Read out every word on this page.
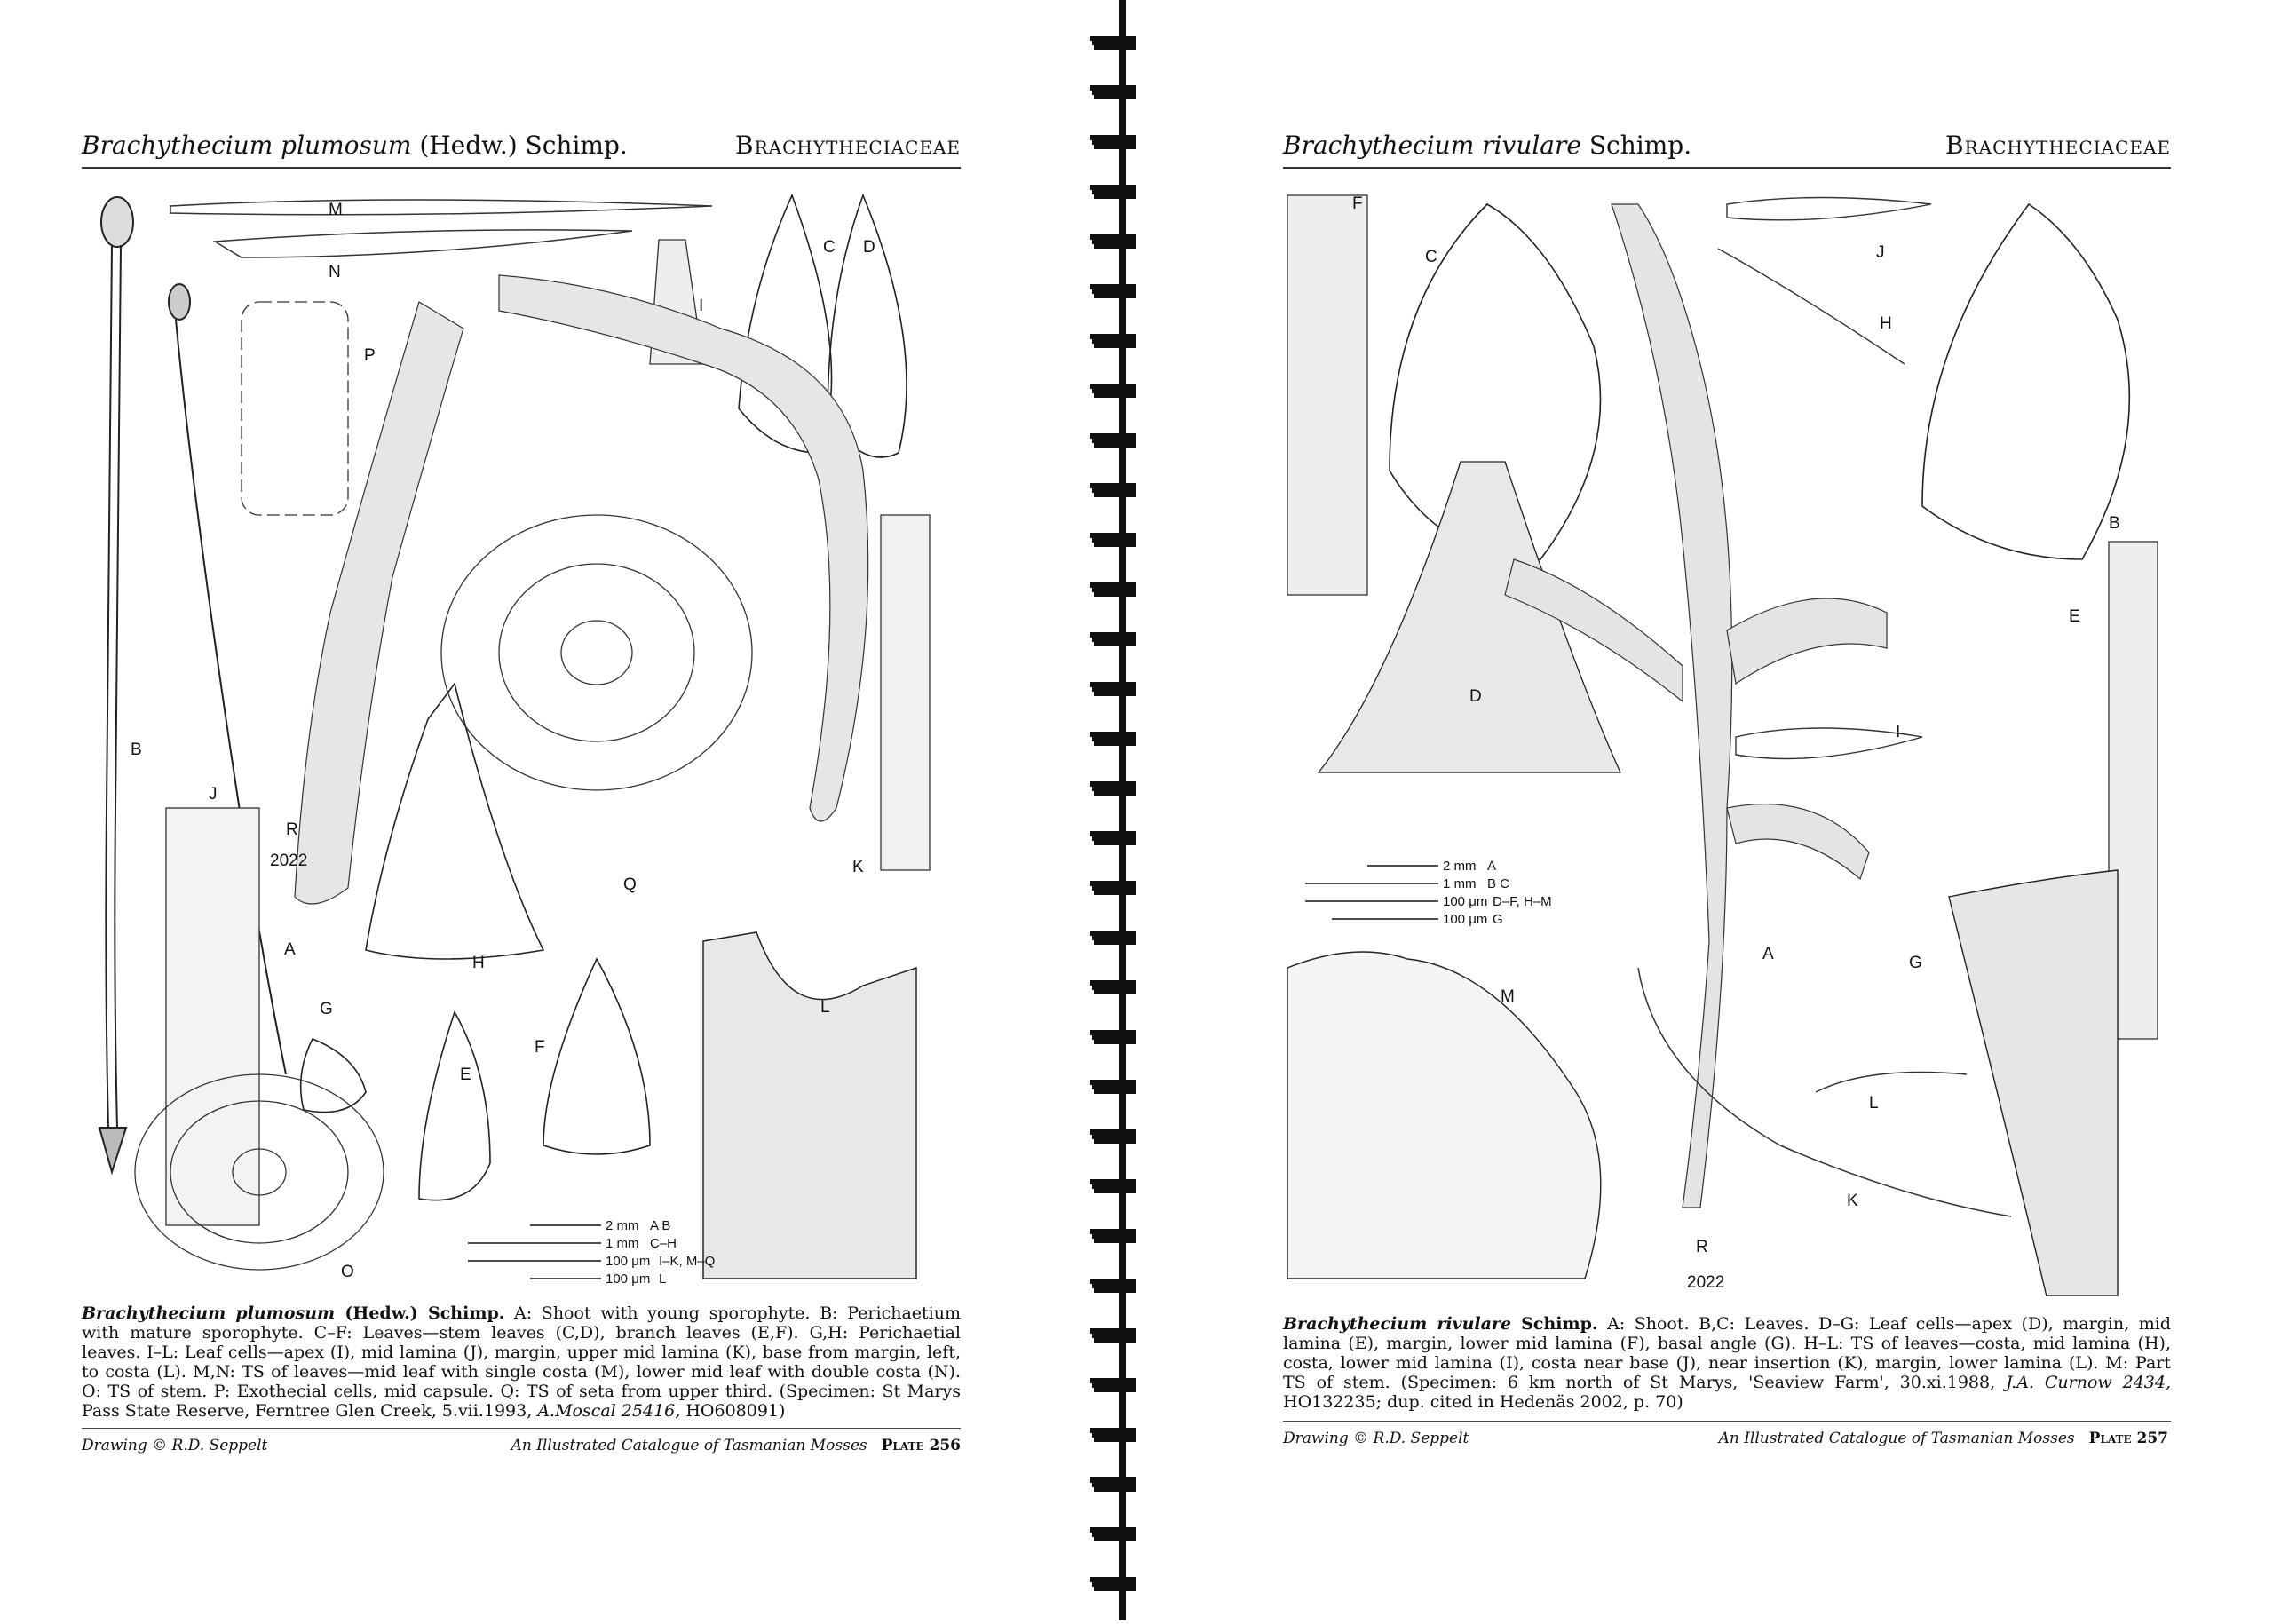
Brachythecium plumosum (Hedw.) Schimp.	Brachytheciaceae
M
N
P
I
C D
B
J
A
H
G
E
F
Q
K
L
O
R
2022
2 mm A B
1 mm C–H
100 μm I–K, M–Q
100 μm L

Brachythecium plumosum (Hedw.) Schimp. A: Shoot with young sporophyte. B: Perichaetium with mature sporophyte. C–F: Leaves—stem leaves (C,D), branch leaves (E,F). G,H: Perichaetial leaves. I–L: Leaf cells—apex (I), mid lamina (J), margin, upper mid lamina (K), base from margin, left, to costa (L). M,N: TS of leaves—mid leaf with single costa (M), lower mid leaf with double costa (N). O: TS of stem. P: Exothecial cells, mid capsule. Q: TS of seta from upper third. (Specimen: St Marys Pass State Reserve, Ferntree Glen Creek, 5.vii.1993, A.Moscal 25416, HO608091)

Drawing © R.D. Seppelt	An Illustrated Catalogue of Tasmanian Mosses Plate 256
Brachythecium rivulare Schimp.	Brachytheciaceae
F
C	J
H
B
E
D
I
A	G
M
L
K
R
2022
2 mm A
1 mm B C
100 μm D–F, H–M
100 μm G

Brachythecium rivulare Schimp. A: Shoot. B,C: Leaves. D–G: Leaf cells—apex (D), margin, mid lamina (E), margin, lower mid lamina (F), basal angle (G). H–L: TS of leaves—costa, mid lamina (H), costa, lower mid lamina (I), costa near base (J), near insertion (K), margin, lower lamina (L). M: Part TS of stem. (Specimen: 6 km north of St Marys, 'Seaview Farm', 30.xi.1988, J.A. Curnow 2434, HO132235; dup. cited in Hedenäs 2002, p. 70)

Drawing © R.D. Seppelt	An Illustrated Catalogue of Tasmanian Mosses Plate 257
